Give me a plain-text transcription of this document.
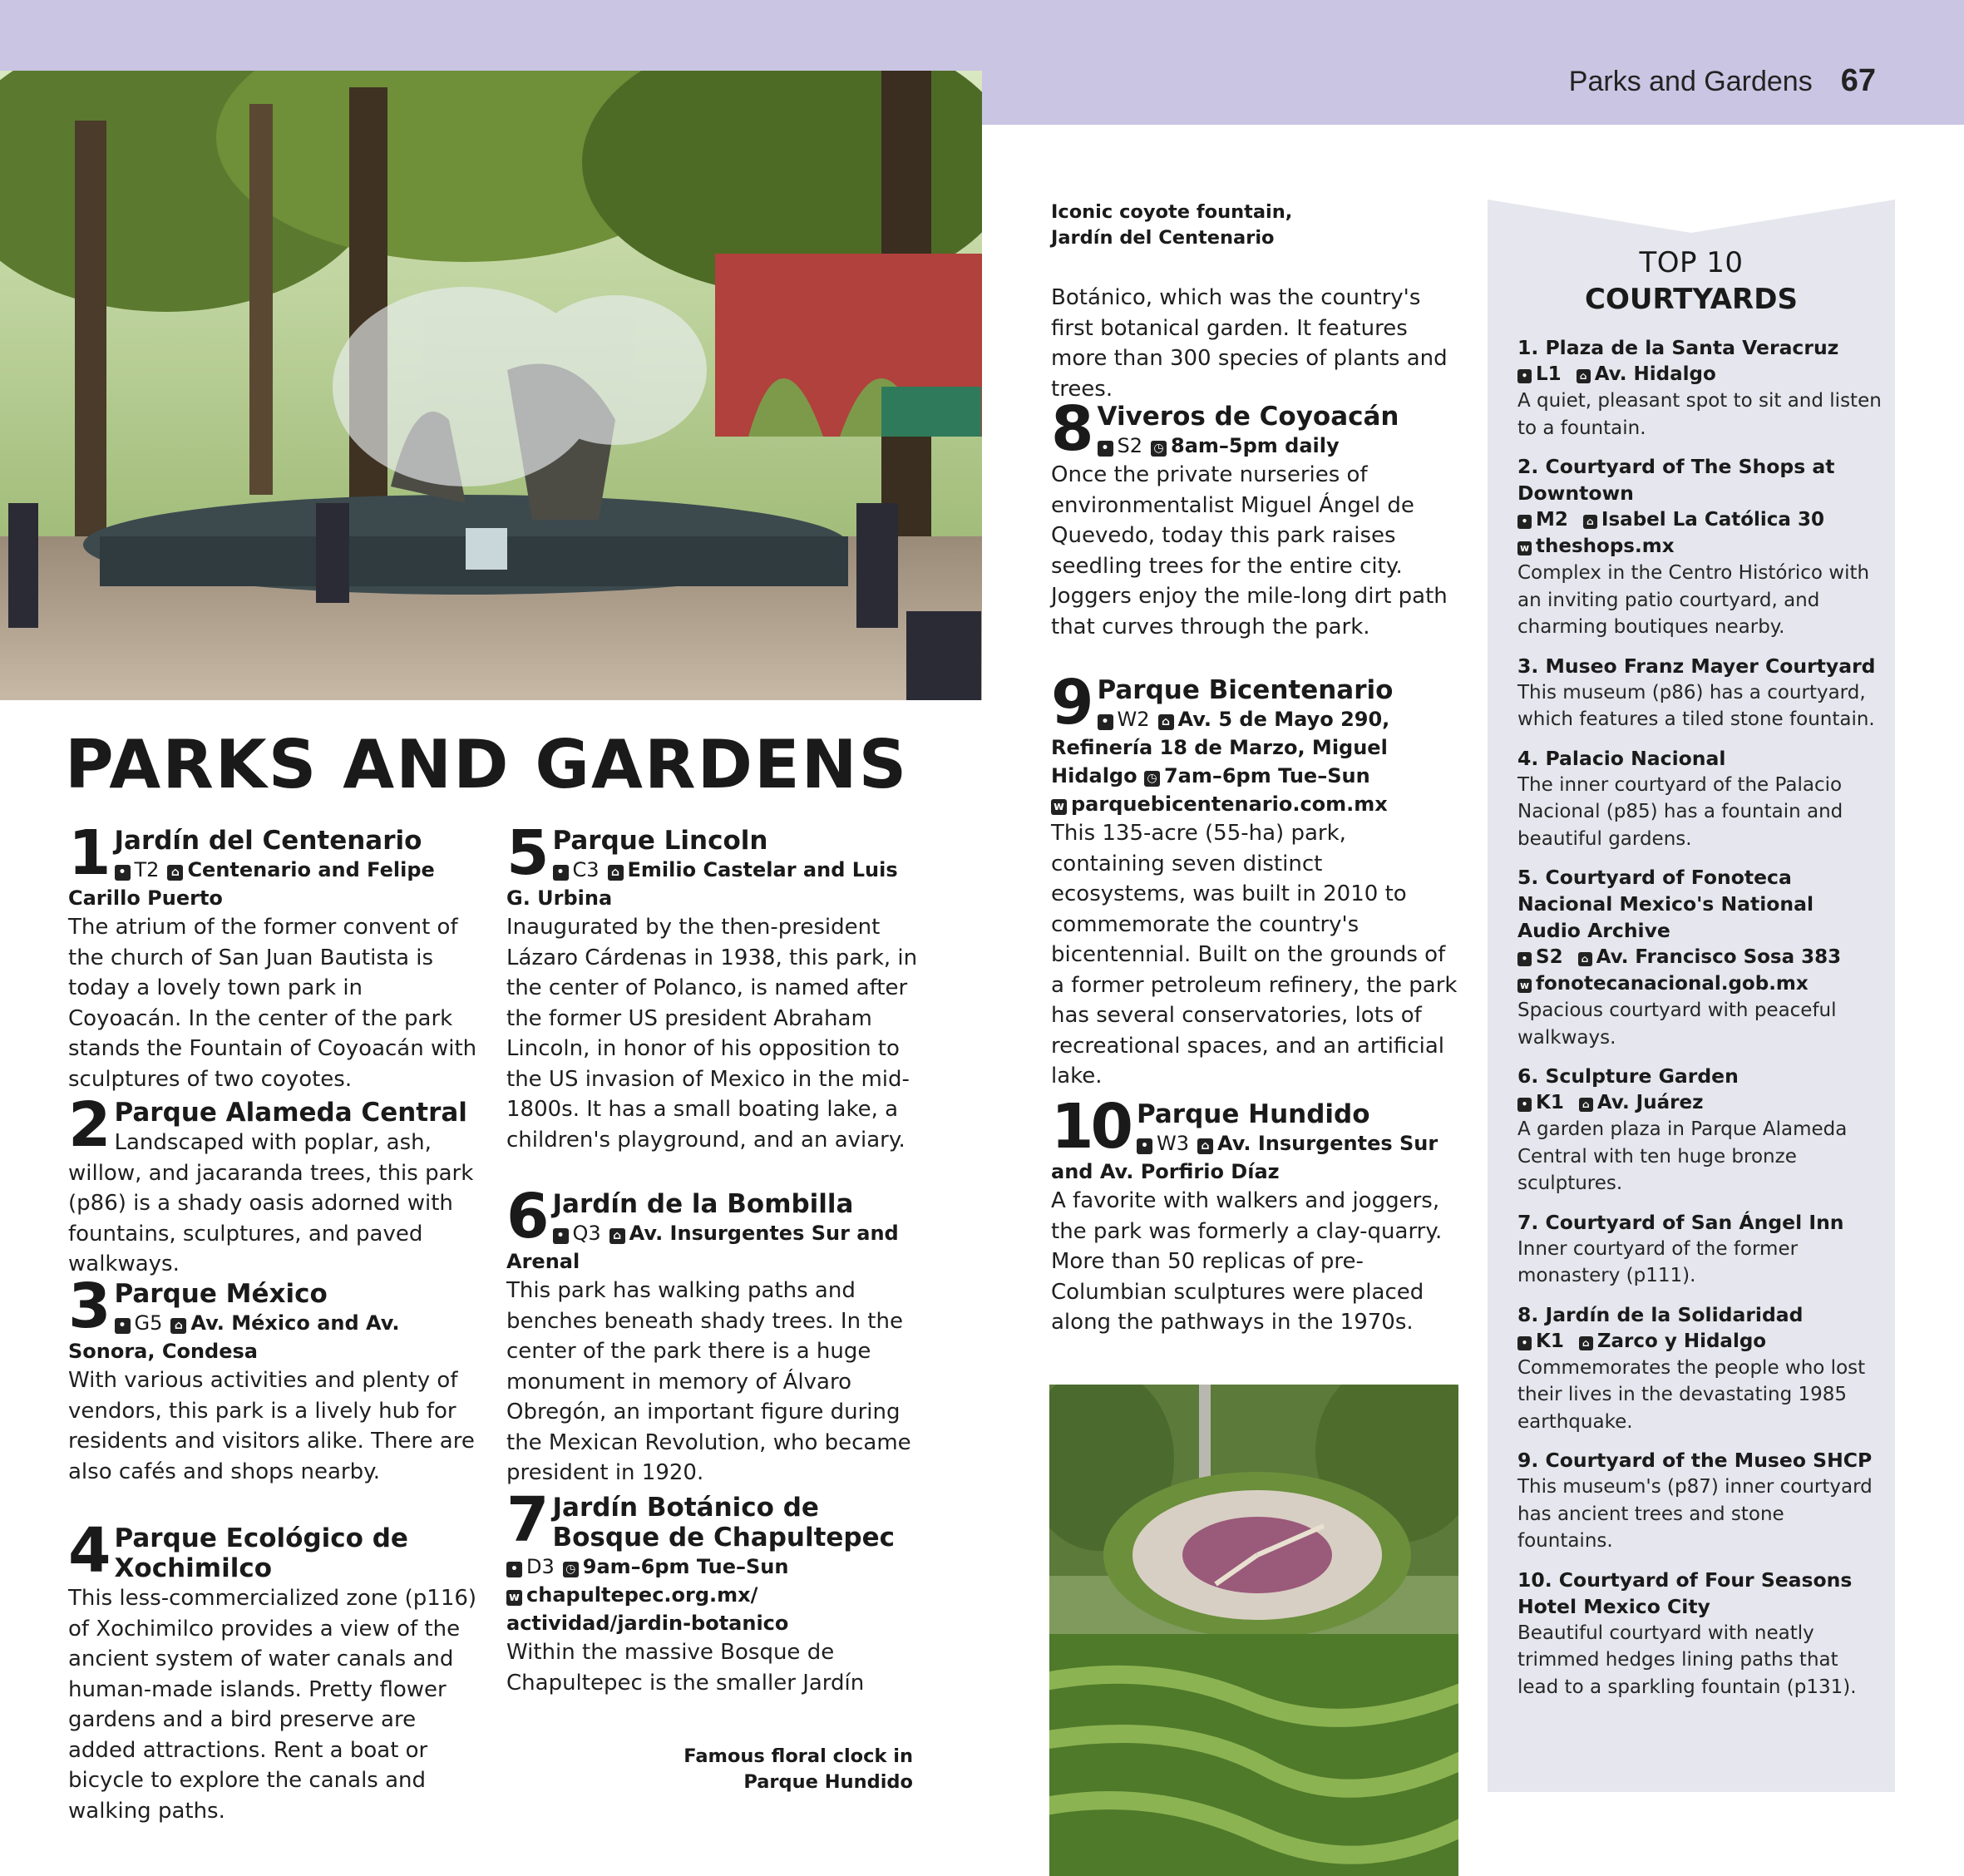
Parks and Gardens 67
Iconic coyote fountain, Jardín del Centenario
PARKS AND GARDENS
1 Jardín del Centenario
• T2 ⌂ Centenario and Felipe Carillo Puerto
The atrium of the former convent of the church of San Juan Bautista is today a lovely town park in Coyoacán. In the center of the park stands the Fountain of Coyoacán with sculptures of two coyotes.
2 Parque Alameda Central
Landscaped with poplar, ash, willow, and jacaranda trees, this park (p86) is a shady oasis adorned with fountains, sculptures, and paved walkways.
3 Parque México
• G5 ⌂ Av. México and Av. Sonora, Condesa
With various activities and plenty of vendors, this park is a lively hub for residents and visitors alike. There are also cafés and shops nearby.
4 Parque Ecológico de Xochimilco
This less-commercialized zone (p116) of Xochimilco provides a view of the ancient system of water canals and human-made islands. Pretty flower gardens and a bird preserve are added attractions. Rent a boat or bicycle to explore the canals and walking paths.
5 Parque Lincoln
• C3 ⌂ Emilio Castelar and Luis G. Urbina
Inaugurated by the then-president Lázaro Cárdenas in 1938, this park, in the center of Polanco, is named after the former US president Abraham Lincoln, in honor of his opposition to the US invasion of Mexico in the mid-1800s. It has a small boating lake, a children's playground, and an aviary.
6 Jardín de la Bombilla
• Q3 ⌂ Av. Insurgentes Sur and Arenal
This park has walking paths and benches beneath shady trees. In the center of the park there is a huge monument in memory of Álvaro Obregón, an important figure during the Mexican Revolution, who became president in 1920.
7 Jardín Botánico de Bosque de Chapultepec
• D3 ◷ 9am–6pm Tue–Sun
w chapultepec.org.mx/ actividad/jardin-botanico
Within the massive Bosque de Chapultepec is the smaller Jardín
Famous floral clock in Parque Hundido
Botánico, which was the country's first botanical garden. It features more than 300 species of plants and trees.
8 Viveros de Coyoacán
• S2 ◷ 8am–5pm daily
Once the private nurseries of environmentalist Miguel Ángel de Quevedo, today this park raises seedling trees for the entire city. Joggers enjoy the mile-long dirt path that curves through the park.
9 Parque Bicentenario
• W2 ⌂ Av. 5 de Mayo 290, Refinería 18 de Marzo, Miguel Hidalgo ◷ 7am–6pm Tue–Sun
w parquebicentenario.com.mx
This 135-acre (55-ha) park, containing seven distinct ecosystems, was built in 2010 to commemorate the country's bicentennial. Built on the grounds of a former petroleum refinery, the park has several conservatories, lots of recreational spaces, and an artificial lake.
10 Parque Hundido
• W3 ⌂ Av. Insurgentes Sur and Av. Porfirio Díaz
A favorite with walkers and joggers, the park was formerly a clay-quarry. More than 50 replicas of pre-Columbian sculptures were placed along the pathways in the 1970s.
TOP 10
COURTYARDS
1. Plaza de la Santa Veracruz
• L1 ⌂ Av. Hidalgo
A quiet, pleasant spot to sit and listen to a fountain.
2. Courtyard of The Shops at Downtown
• M2 ⌂ Isabel La Católica 30
w theshops.mx
Complex in the Centro Histórico with an inviting patio courtyard, and charming boutiques nearby.
3. Museo Franz Mayer Courtyard
This museum (p86) has a courtyard, which features a tiled stone fountain.
4. Palacio Nacional
The inner courtyard of the Palacio Nacional (p85) has a fountain and beautiful gardens.
5. Courtyard of Fonoteca Nacional Mexico's National Audio Archive
• S2 ⌂ Av. Francisco Sosa 383
w fonotecanacional.gob.mx
Spacious courtyard with peaceful walkways.
6. Sculpture Garden
• K1 ⌂ Av. Juárez
A garden plaza in Parque Alameda Central with ten huge bronze sculptures.
7. Courtyard of San Ángel Inn
Inner courtyard of the former monastery (p111).
8. Jardín de la Solidaridad
• K1 ⌂ Zarco y Hidalgo
Commemorates the people who lost their lives in the devastating 1985 earthquake.
9. Courtyard of the Museo SHCP
This museum's (p87) inner courtyard has ancient trees and stone fountains.
10. Courtyard of Four Seasons Hotel Mexico City
Beautiful courtyard with neatly trimmed hedges lining paths that lead to a sparkling fountain (p131).
